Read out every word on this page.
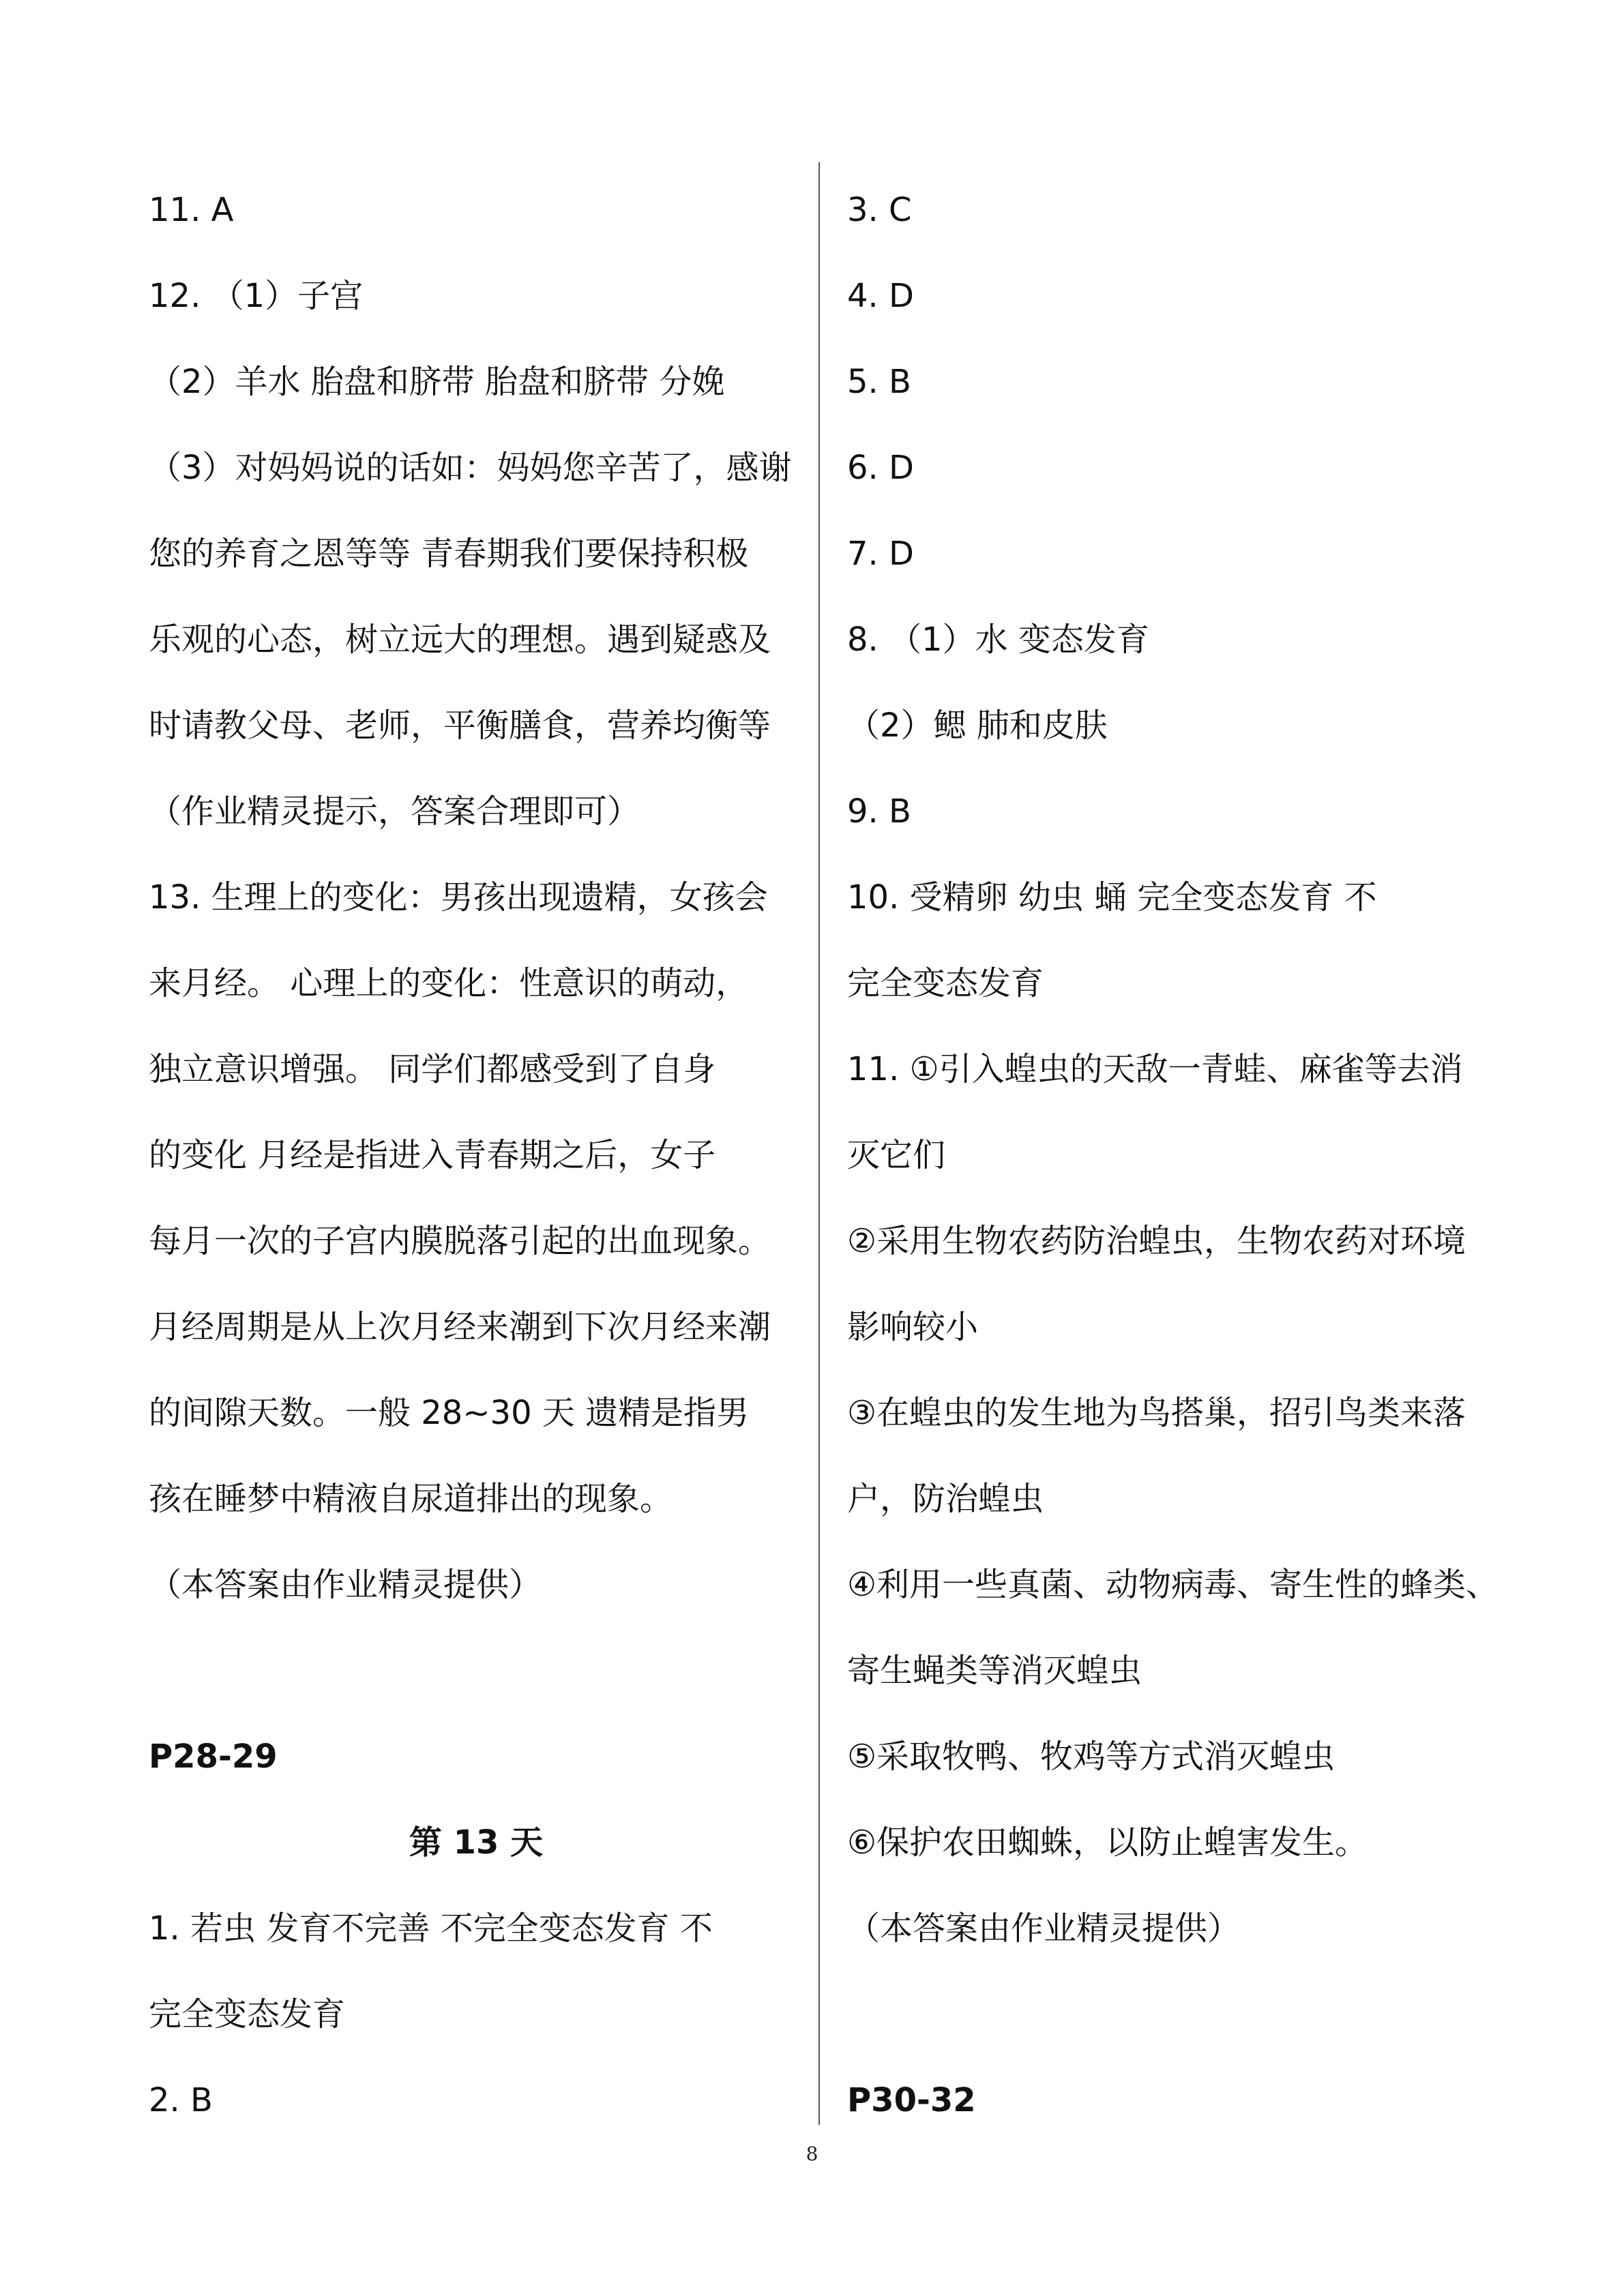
11. A
12. （1）子宫
（2）羊水 胎盘和脐带 胎盘和脐带 分娩
（3）对妈妈说的话如：妈妈您辛苦了，感谢
您的养育之恩等等 青春期我们要保持积极
乐观的心态，树立远大的理想。遇到疑惑及
时请教父母、老师，平衡膳食，营养均衡等
（作业精灵提示，答案合理即可）
13. 生理上的变化：男孩出现遗精，女孩会
来月经。 心理上的变化：性意识的萌动，
独立意识增强。 同学们都感受到了自身
的变化 月经是指进入青春期之后，女子
每月一次的子宫内膜脱落引起的出血现象。
月经周期是从上次月经来潮到下次月经来潮
的间隙天数。一般 28~30 天 遗精是指男
孩在睡梦中精液自尿道排出的现象。
（本答案由作业精灵提供）
P28-29
第 13 天
1. 若虫 发育不完善 不完全变态发育 不
完全变态发育
2. B
3. C
4. D
5. B
6. D
7. D
8. （1）水 变态发育
（2）鳃 肺和皮肤
9. B
10. 受精卵 幼虫 蛹 完全变态发育 不
完全变态发育
11. ①引入蝗虫的天敌一青蛙、麻雀等去消
灭它们
②采用生物农药防治蝗虫，生物农药对环境
影响较小
③在蝗虫的发生地为鸟搭巢，招引鸟类来落
户，防治蝗虫
④利用一些真菌、动物病毒、寄生性的蜂类、
寄生蝇类等消灭蝗虫
⑤采取牧鸭、牧鸡等方式消灭蝗虫
⑥保护农田蜘蛛，以防止蝗害发生。
（本答案由作业精灵提供）
P30-32
8
